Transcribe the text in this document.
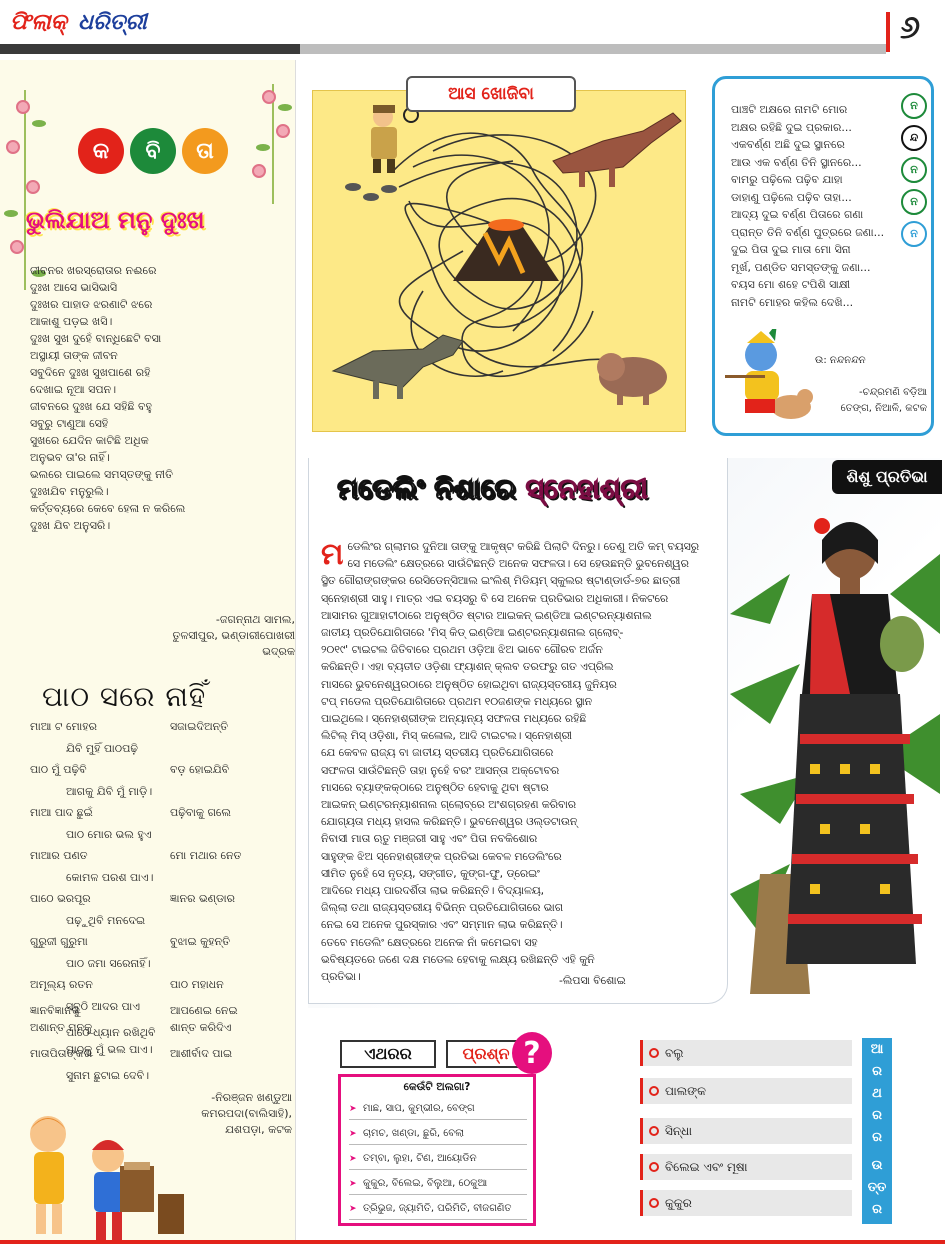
ଫିଲାକ୍ ଧରିତ୍ରୀ	୬
କ	ବି	ତା
ଭୁଲିଯାଅ ମନୁ ଦୁଃଖ
ଜୀବନର ଖରସ୍ରୋତାର ନଈରେ
ଦୁଃଖ ଆସେ ଭାସିଭାସି
ଦୁଃଖର ପାହାଡ ଝରଣାଟି ଝରେ
ଆକାଶୁ ପଡ଼ଇ ଖସି।
ଦୁଃଖ ସୁଖ ଦୁହେଁ ବାନ୍ଧିଛେଟି ବସା
ଅସ୍ଥାୟୀ ତାଙ୍କ ଜୀବନ
ସବୁଦିନେ ଦୁଃଖ ସୁଖପାଶେ ରହି
ଦେଖାଇ ନୂଆ ସପନ।
ଜୀବନରେ ଦୁଃଖ ଯେ ସହିଛି ବହୁ
ସବୁରୁ ଟାଣୁଆ ସେହି
ସୁଖରେ ଯେଦିନ କାଟିଛି ଅଧିକ
ଅନୁଭବ ତା'ର ନାହିଁ।
ଭଲରେ ପାଇଲେ ସମସ୍ତଙ୍କୁ ନୀତି
ଦୁଃଖଯିବ ମନୁରୁଲି।
କର୍ତ୍ତବ୍ୟରେ କେବେ ହେଳା ନ କରିଲେ
ଦୁଃଖ ଯିବ ଅନୁସରି।
-ଜଗନ୍ନାଥ ସାମଲ,
ତୁଳସୀପୁର, ଭଣ୍ଡାରୀପୋଖରୀ
ଭଦ୍ରକ
ପାଠ ସରେ ନାହିଁ
ମାଆ ଟ ମୋହର	ସଜାଇଦିଅନ୍ତି
ଯିବି ମୁହିଁ ପାଠପଢ଼ି
ପାଠ ମୁଁ ପଢ଼ିବି	ବଡ଼ ହୋଇଯିବି
ଆଗକୁ ଯିବି ମୁଁ ମାଡ଼ି।
ମାଆ ପାଦ ଛୁଇଁ	ପଢ଼ିବାକୁ ଗଲେ
ପାଠ ମୋର ଭଲ ହୁଏ
ମାଆର ପଣତ	ମୋ ମଥାର ନେତ
କୋମଳ ପରଶ ପାଏ।
ପାଠେ ଭରପୂର	ଜ୍ଞାନର ଭଣ୍ଡାର
ପଢ଼ୁଥିବି ମନଦେଇ
ଗୁରୁଜୀ ଗୁରୁମା	ବୁଝାଇ କୁହନ୍ତି
ପାଠ ଜମା ସରେନାହିଁ।
ଅମୂଲ୍ୟ ରତନ	ପାଠ ମହାଧନ
ସବୁଠି ଆଦର ପାଏ
ଅଶାନ୍ତ ମନକୁ	ଶାନ୍ତ କରିଦିଏ
ପାଠକୁ ମୁଁ ଭଲ ପାଏ।
ଜ୍ଞାନବିଜ୍ଞାନକୁ	ଆପଣେଇ ନେଇ
ପାଠେ ଧ୍ୟାନ ରଖିଥିବି
ମାତାପିତାଙ୍କର	ଆଶୀର୍ବାଦ ପାଇ
ସୁନାମ ଛୁଟାଇ ଦେବି।
-ନିରଞ୍ଜନ ଖଣ୍ଡୁଆ
କମରପଦା(ବାଲିସାହି),
ଯଶପଡ଼ା, କଟକ
ଆସ ଖୋଜିବା
ପାଞ୍ଚଟି ଅକ୍ଷରେ ନାମଟି ମୋର
ଅକ୍ଷର ରହିଛି ଦୁଇ ପ୍ରକାର...
ଏକବର୍ଣ୍ଣ ଅଛି ଦୁଇ ସ୍ଥାନରେ
ଆଉ ଏକ ବର୍ଣ୍ଣ ତିନି ସ୍ଥାନରେ...
ବାମରୁ ପଢ଼ିଲେ ପଢ଼ିବ ଯାହା
ଡାହାଣୁ ପଢ଼ିଲେ ପଢ଼ିବ ତାହା...
ଆଦ୍ୟ ଦୁଇ ବର୍ଣ୍ଣ ପିତାରେ ଗଣା
ପ୍ରାନ୍ତ ତିନି ବର୍ଣ୍ଣ ପୁତ୍ରରେ ଜଣା...
ଦୁଇ ପିତା ଦୁଇ ମାତା ମୋ ସିନା
ମୂର୍ଖ, ପଣ୍ଡିତ ସମସ୍ତଙ୍କୁ ଜଣା...
ବୟସ ମୋ ଶହେ ଟପିଶି ସାକ୍ଷୀ
ନାମଟି ମୋହର କହିଲ ଦେଖି...
ନ
ନ୍ଦ
ନ
ନ
ନ
ଉ: ନନ୍ଦନନ୍ଦନ
-ଚନ୍ଦ୍ରମଣି ବଡ଼ିଆ
ତେଙ୍ଗ, ନିଆଳି, କଟକ
ମଡେଲିଂ ନିଶାରେ ସ୍ନେହାଶ୍ରୀ
ମ ଡେଲିଂର ଗ୍ଲାମର ଦୁନିଆ ତାଙ୍କୁ ଆକୃଷ୍ଟ କରିଛି ପିଲାଟି ଦିନରୁ। ତେଣୁ ଅତି କମ୍ ବୟସରୁ
ସେ ମଡେଲିଂ କ୍ଷେତ୍ରରେ ସାଉଁଟିଛନ୍ତି ଅନେକ ସଫଳତା। ସେ ହେଉଛନ୍ତି ଭୁବନେଶ୍ୱର
ସ୍ଥିତ ଗୌରାଙ୍ଗଙ୍କର ରେସିଡେନ୍‌ସିଆଲ ଇଂଲିଶ୍ ମିଡିୟମ୍ ସ୍କୁଲର ଷ୍ଟାଣ୍ଡାର୍ଡ-୭ର ଛାତ୍ରୀ
ସ୍ନେହାଶ୍ରୀ ସାହୁ। ମାତ୍ର ଏଇ ବୟସରୁ ବି ସେ ଅନେକ ପ୍ରତିଭାର ଅଧିକାରୀ। ନିକଟରେ
ଆସାମର ଗୁଆହାଟୀଠାରେ ଅନୁଷ୍ଠିତ ଷ୍ଟାର ଆଇକନ୍ ଇଣ୍ଡିଆ ଇଣ୍ଟରନ୍ୟାଶନାଲ
ଜାତୀୟ ପ୍ରତିଯୋଗିତାରେ 'ମିସ୍ କିଡ୍ ଇଣ୍ଡିଆ ଇଣ୍ଟରନ୍ୟାଶନାଲ ଗ୍ଲୋବ୍-
୨୦୧୯' ଟାଇଟଲ ଜିତିବାରେ ପ୍ରଥମ ଓଡ଼ିଆ ଝିଅ ଭାବେ ଗୌରବ ଅର୍ଜନ
କରିଛନ୍ତି। ଏହା ବ୍ୟତୀତ ଓଡ଼ିଶା ଫ୍ୟାଶନ୍ କ୍ଲବ ତରଫରୁ ଗତ ଏପ୍ରିଲ
ମାସରେ ଭୁବନେଶ୍ୱରଠାରେ ଅନୁଷ୍ଠିତ ହୋଇଥିବା ରାଜ୍ୟସ୍ତରୀୟ ଜୁନିୟର
ଟପ୍ ମଡେଲ ପ୍ରତିଯୋଗିତାରେ ପ୍ରଥମ ୧୦ଜଣଙ୍କ ମଧ୍ୟରେ ସ୍ଥାନ
ପାଇଥିଲେ। ସ୍ନେହାଶ୍ରୀଙ୍କ ଅନ୍ୟାନ୍ୟ ସଫଳତା ମଧ୍ୟରେ ରହିଛି
ଲିଟିଲ୍ ମିସ୍ ଓଡ଼ିଶା, ମିସ୍ କଳୋଲ, ଆଦି ଟାଇଟଲ। ସ୍ନେହାଶ୍ରୀ
ଯେ କେବଳ ରାଜ୍ୟ ବା ଜାତୀୟ ସ୍ତରୀୟ ପ୍ରତିଯୋଗିତାରେ
ସଫଳତା ସାଉଁଟିଛନ୍ତି ତାହା ନୁହେଁ ବରଂ ଆସନ୍ତା ଅକ୍ଟୋବର
ମାସରେ ବ୍ୟାଙ୍କକ୍‌ଠାରେ ଅନୁଷ୍ଠିତ ହେବାକୁ ଥିବା ଷ୍ଟାର
ଆଇକନ୍ ଇଣ୍ଟରନ୍ୟାଶନାଲ ଗ୍ଲୋବ୍‌ରେ ଅଂଶଗ୍ରହଣ କରିବାର
ଯୋଗ୍ୟତା ମଧ୍ୟ ହାସଲ କରିଛନ୍ତି। ଭୁବନେଶ୍ୱର ଓଲ୍ଡଟାଉନ୍
ନିବାସୀ ମାତା ଋତୁ ମଞ୍ଜରୀ ସାହୁ ଏବଂ ପିତା ନବକିଶୋର
ସାହୁଙ୍କ ଝିଅ ସ୍ନେହାଶ୍ରୀଙ୍କ ପ୍ରତିଭା କେବଳ ମଡେଲିଂରେ
ସୀମିତ ନୁହେଁ ସେ ନୃତ୍ୟ, ସଙ୍ଗୀତ, କୁଙ୍ଗ-ଫୁ, ଡ୍ରେଇଂ
ଆଦିରେ ମଧ୍ୟ ପାରଦର୍ଶିତା ଲାଭ କରିଛନ୍ତି। ବିଦ୍ୟାଳୟ,
ଜିଲ୍ଲା ତଥା ରାଜ୍ୟସ୍ତରୀୟ ବିଭିନ୍ନ ପ୍ରତିଯୋଗିତାରେ ଭାଗ
ନେଇ ସେ ଅନେକ ପୁରସ୍କାର ଏବଂ ସମ୍ମାନ ଲାଭ କରିଛନ୍ତି।
ତେବେ ମଡେଲିଂ କ୍ଷେତ୍ରରେ ଅନେକ ନାଁ କମେଇବା ସହ
ଭବିଷ୍ୟତରେ ଜଣେ ଦକ୍ଷ ମଡେଲ ହେବାକୁ ଲକ୍ଷ୍ୟ ରଖିଛନ୍ତି ଏହି କୁନି
ପ୍ରତିଭା।	-ଲିପସା ବିଶୋଇ
ଶିଶୁ ପ୍ରତିଭା
ଏଥରର	ପ୍ରଶ୍ନ ?
କେଉଁଟି ଅଲଗା?
➤ ମାଛ, ସାପ, କୁମ୍ଭୀର, ବେଙ୍ଗ
➤ ଚାମଚ, ଖଣ୍ଡା, ଛୁରି, ବେଲା
➤ ତମ୍ବା, ଲୁହା, ଟିଣ, ଆୟୋଡିନ
➤ କୁକୁର, ବିଲେଇ, ବିଲୁଆ, ଠେକୁଆ
➤ ତ୍ରିଭୁଜ, ଜ୍ୟାମିତି, ପରିମିତି, ବୀଜଗଣିତ
ବଲୁ
ପାଲଙ୍କ
ସିନ୍ଧା
ବିଲେଇ ଏବଂ ମୂଷା
କୁକୁର
ଆ
ର
ଥ
ର
ର
ଉ
ତ୍ତ
ର
